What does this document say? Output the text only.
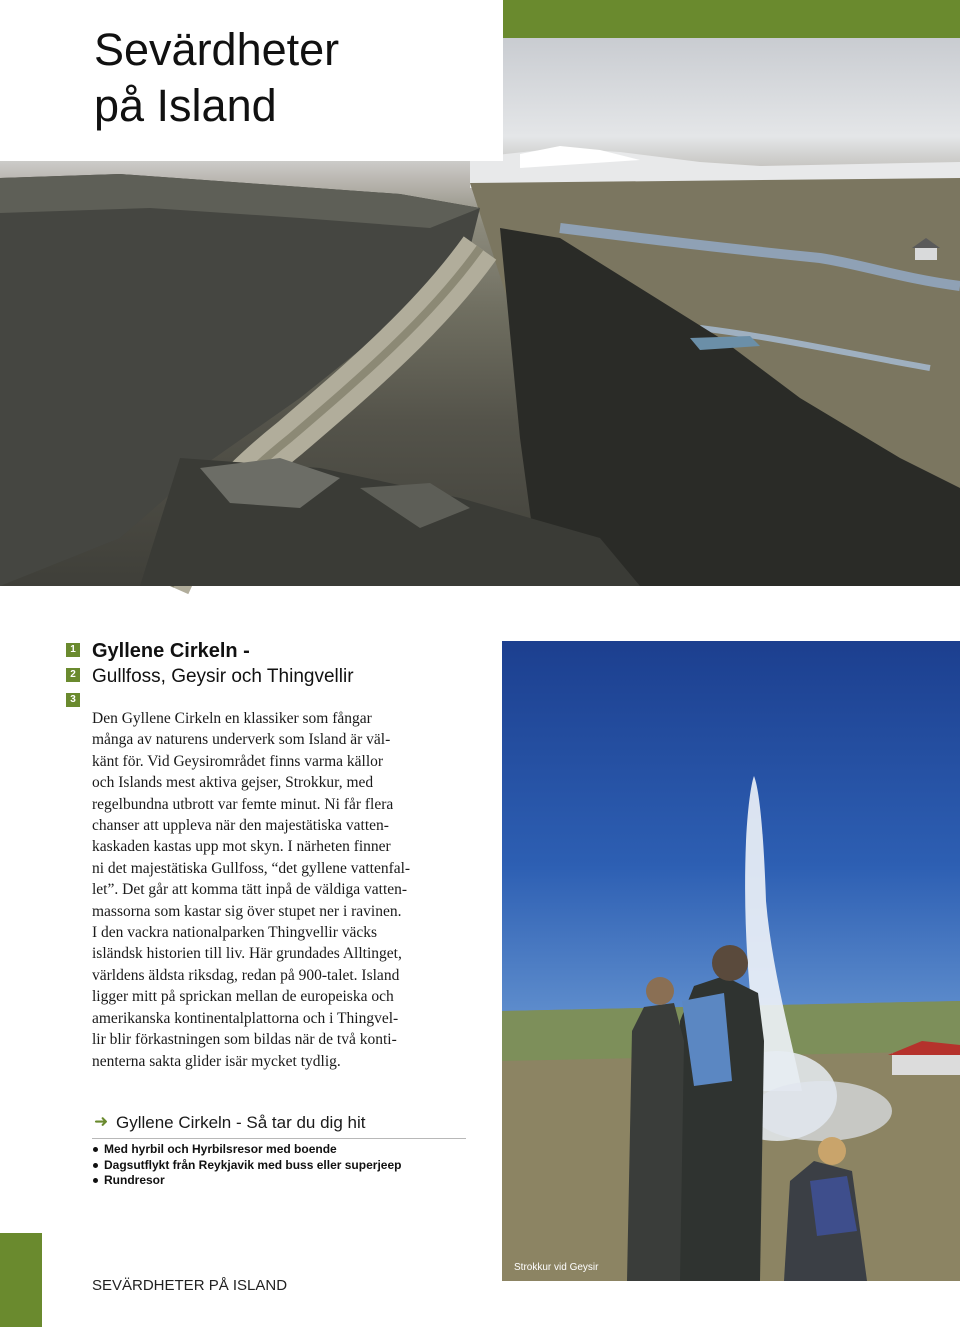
Thingvellir
Sevärdheter
på Island
1
2
3
Gyllene Cirkeln -
Gullfoss, Geysir och Thingvellir
Den Gyllene Cirkeln en klassiker som fångar
många av naturens underverk som Island är väl-
känt för. Vid Geysirområdet finns varma källor
och Islands mest aktiva gejser, Strokkur, med
regelbundna utbrott var femte minut. Ni får flera
chanser att uppleva när den majestätiska vatten-
kaskaden kastas upp mot skyn. I närheten finner
ni det majestätiska Gullfoss, “det gyllene vattenfal-
let”. Det går att komma tätt inpå de väldiga vatten-
massorna som kastar sig över stupet ner i ravinen.
I den vackra nationalparken Thingvellir väcks
isländsk historien till liv. Här grundades Alltinget,
världens äldsta riksdag, redan på 900-talet. Island
ligger mitt på sprickan mellan de europeiska och
amerikanska kontinentalplattorna och i Thingvel-
lir blir förkastningen som bildas när de två konti-
nenterna sakta glider isär mycket tydlig.
➜ Gyllene Cirkeln - Så tar du dig hit
Med hyrbil och Hyrbilsresor med boende
Dagsutflykt från Reykjavik med buss eller superjeep
Rundresor
Strokkur vid Geysir
SEVÄRDHETER PÅ ISLAND
